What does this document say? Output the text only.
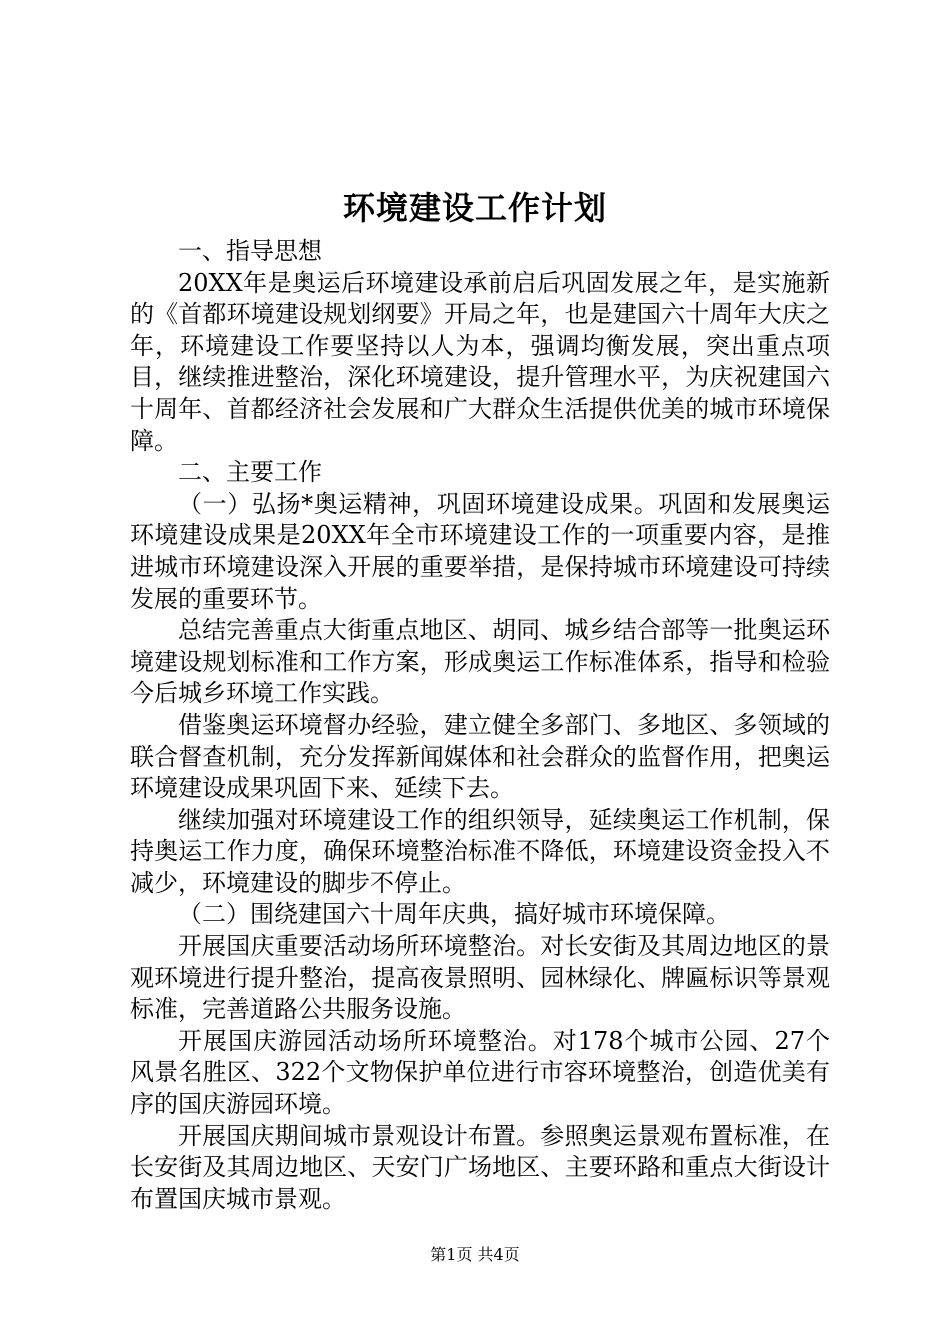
环境建设工作计划

一、指导思想

20XX年是奥运后环境建设承前启后巩固发展之年，是实施新的《首都环境建设规划纲要》开局之年，也是建国六十周年大庆之年，环境建设工作要坚持以人为本，强调均衡发展，突出重点项目，继续推进整治，深化环境建设，提升管理水平，为庆祝建国六十周年、首都经济社会发展和广大群众生活提供优美的城市环境保障。

二、主要工作

（一）弘扬*奥运精神，巩固环境建设成果。巩固和发展奥运环境建设成果是20XX年全市环境建设工作的一项重要内容，是推进城市环境建设深入开展的重要举措，是保持城市环境建设可持续发展的重要环节。

总结完善重点大街重点地区、胡同、城乡结合部等一批奥运环境建设规划标准和工作方案，形成奥运工作标准体系，指导和检验今后城乡环境工作实践。

借鉴奥运环境督办经验，建立健全多部门、多地区、多领域的联合督查机制，充分发挥新闻媒体和社会群众的监督作用，把奥运环境建设成果巩固下来、延续下去。

继续加强对环境建设工作的组织领导，延续奥运工作机制，保持奥运工作力度，确保环境整治标准不降低，环境建设资金投入不减少，环境建设的脚步不停止。

（二）围绕建国六十周年庆典，搞好城市环境保障。

开展国庆重要活动场所环境整治。对长安街及其周边地区的景观环境进行提升整治，提高夜景照明、园林绿化、牌匾标识等景观标准，完善道路公共服务设施。

开展国庆游园活动场所环境整治。对178个城市公园、27个风景名胜区、322个文物保护单位进行市容环境整治，创造优美有序的国庆游园环境。

开展国庆期间城市景观设计布置。参照奥运景观布置标准，在长安街及其周边地区、天安门广场地区、主要环路和重点大街设计布置国庆城市景观。

第1页 共4页
